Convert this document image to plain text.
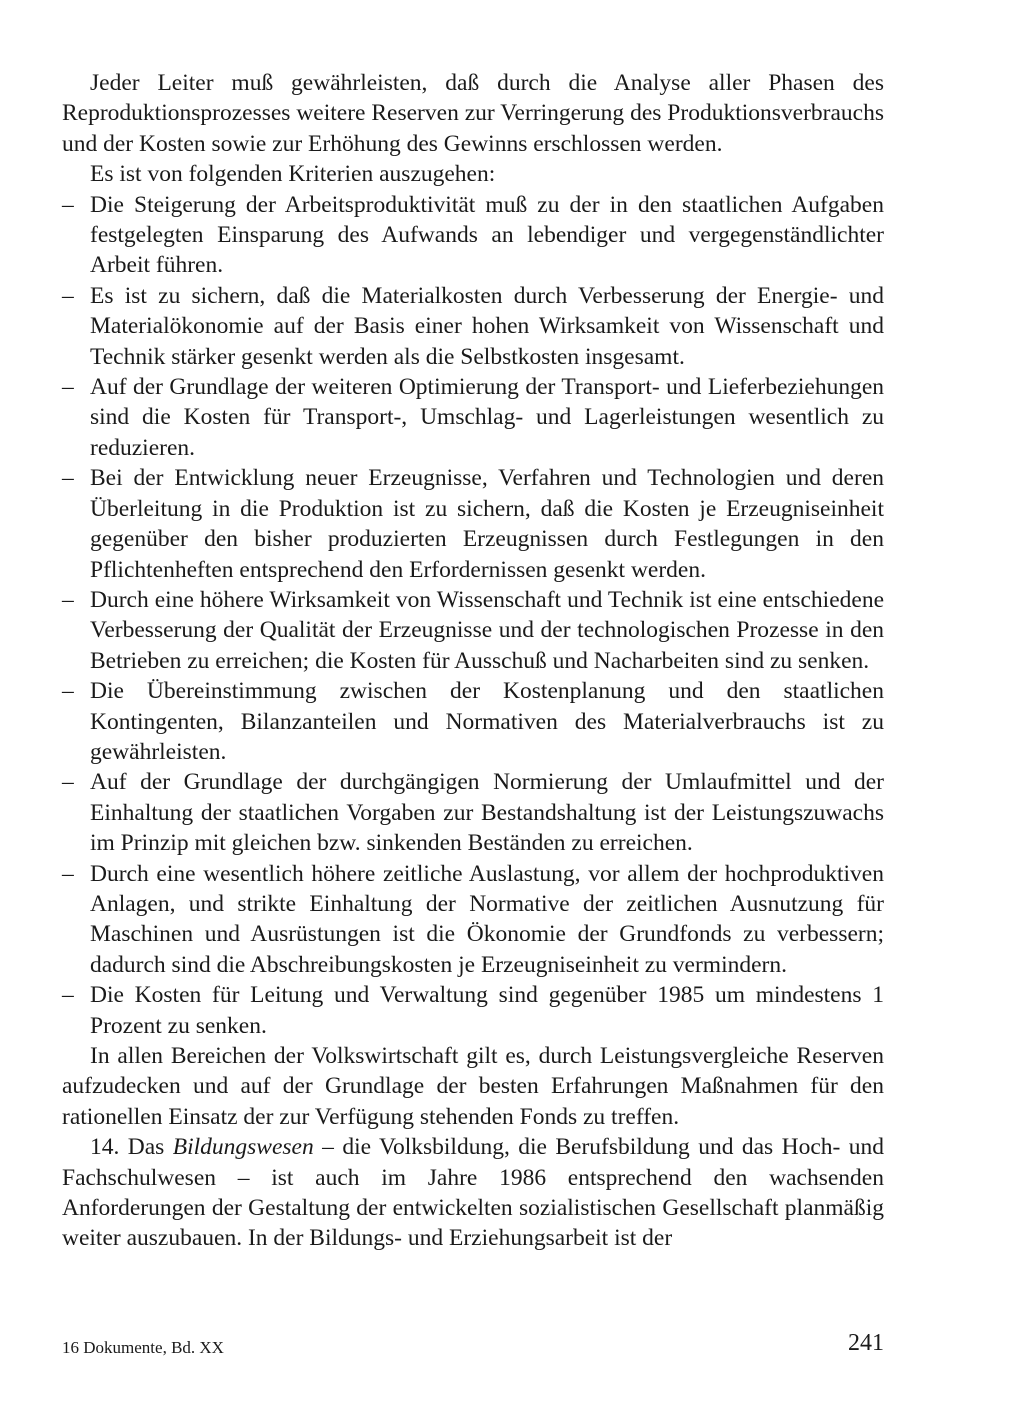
Jeder Leiter muß gewährleisten, daß durch die Analyse aller Phasen des Reproduktionsprozesses weitere Reserven zur Verringerung des Produktionsverbrauchs und der Kosten sowie zur Erhöhung des Gewinns erschlossen werden.

Es ist von folgenden Kriterien auszugehen:

– Die Steigerung der Arbeitsproduktivität muß zu der in den staatlichen Aufgaben festgelegten Einsparung des Aufwands an lebendiger und vergegenständlichter Arbeit führen.
– Es ist zu sichern, daß die Materialkosten durch Verbesserung der Energie- und Materialökonomie auf der Basis einer hohen Wirksamkeit von Wissenschaft und Technik stärker gesenkt werden als die Selbstkosten insgesamt.
– Auf der Grundlage der weiteren Optimierung der Transport- und Lieferbeziehungen sind die Kosten für Transport-, Umschlag- und Lagerleistungen wesentlich zu reduzieren.
– Bei der Entwicklung neuer Erzeugnisse, Verfahren und Technologien und deren Überleitung in die Produktion ist zu sichern, daß die Kosten je Erzeugniseinheit gegenüber den bisher produzierten Erzeugnissen durch Festlegungen in den Pflichtenheften entsprechend den Erfordernissen gesenkt werden.
– Durch eine höhere Wirksamkeit von Wissenschaft und Technik ist eine entschiedene Verbesserung der Qualität der Erzeugnisse und der technologischen Prozesse in den Betrieben zu erreichen; die Kosten für Ausschuß und Nacharbeiten sind zu senken.
– Die Übereinstimmung zwischen der Kostenplanung und den staatlichen Kontingenten, Bilanzanteilen und Normativen des Materialverbrauchs ist zu gewährleisten.
– Auf der Grundlage der durchgängigen Normierung der Umlaufmittel und der Einhaltung der staatlichen Vorgaben zur Bestandshaltung ist der Leistungszuwachs im Prinzip mit gleichen bzw. sinkenden Beständen zu erreichen.
– Durch eine wesentlich höhere zeitliche Auslastung, vor allem der hochproduktiven Anlagen, und strikte Einhaltung der Normative der zeitlichen Ausnutzung für Maschinen und Ausrüstungen ist die Ökonomie der Grundfonds zu verbessern; dadurch sind die Abschreibungskosten je Erzeugniseinheit zu vermindern.
– Die Kosten für Leitung und Verwaltung sind gegenüber 1985 um mindestens 1 Prozent zu senken.

In allen Bereichen der Volkswirtschaft gilt es, durch Leistungsvergleiche Reserven aufzudecken und auf der Grundlage der besten Erfahrungen Maßnahmen für den rationellen Einsatz der zur Verfügung stehenden Fonds zu treffen.

14. Das Bildungswesen – die Volksbildung, die Berufsbildung und das Hoch- und Fachschulwesen – ist auch im Jahre 1986 entsprechend den wachsenden Anforderungen der Gestaltung der entwickelten sozialistischen Gesellschaft planmäßig weiter auszubauen. In der Bildungs- und Erziehungsarbeit ist der

16 Dokumente, Bd. XX	241
